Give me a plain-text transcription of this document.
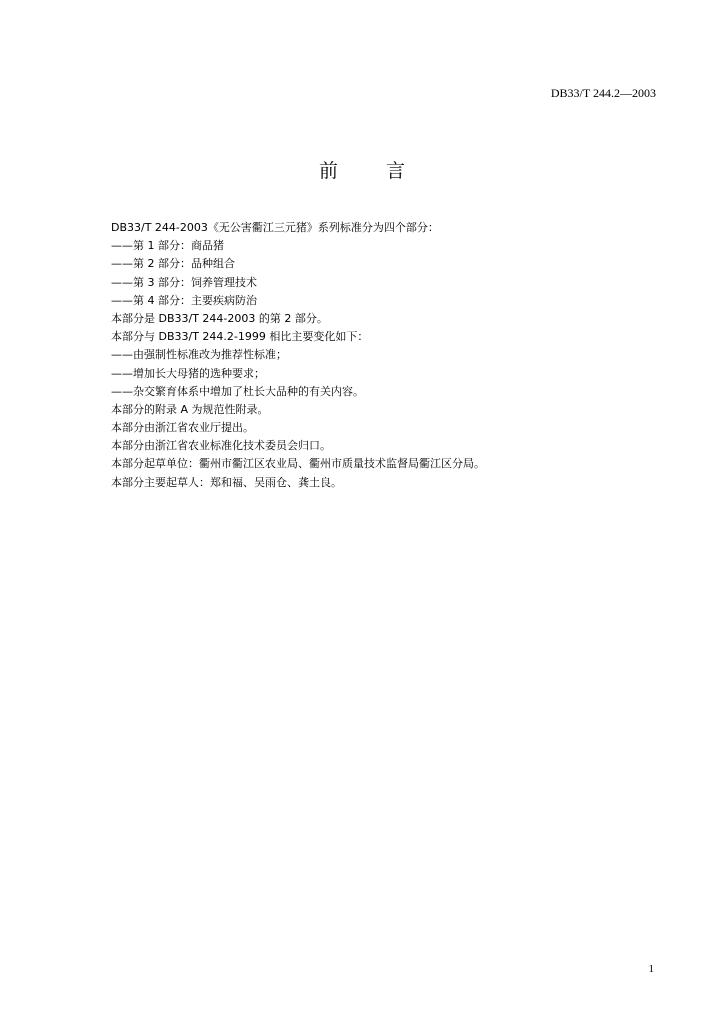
DB33/T 244.2—2003
前	言
DB33/T 244-2003《无公害衢江三元猪》系列标准分为四个部分：
——第 1 部分：商品猪
——第 2 部分：品种组合
——第 3 部分：饲养管理技术
——第 4 部分：主要疾病防治
本部分是 DB33/T 244-2003 的第 2 部分。
本部分与 DB33/T 244.2-1999 相比主要变化如下：
——由强制性标准改为推荐性标准；
——增加长大母猪的选种要求；
——杂交繁育体系中增加了杜长大品种的有关内容。
本部分的附录 A 为规范性附录。
本部分由浙江省农业厅提出。
本部分由浙江省农业标准化技术委员会归口。
本部分起草单位：衢州市衢江区农业局、衢州市质量技术监督局衢江区分局。
本部分主要起草人：郑和福、吴雨仓、龚土良。
1
